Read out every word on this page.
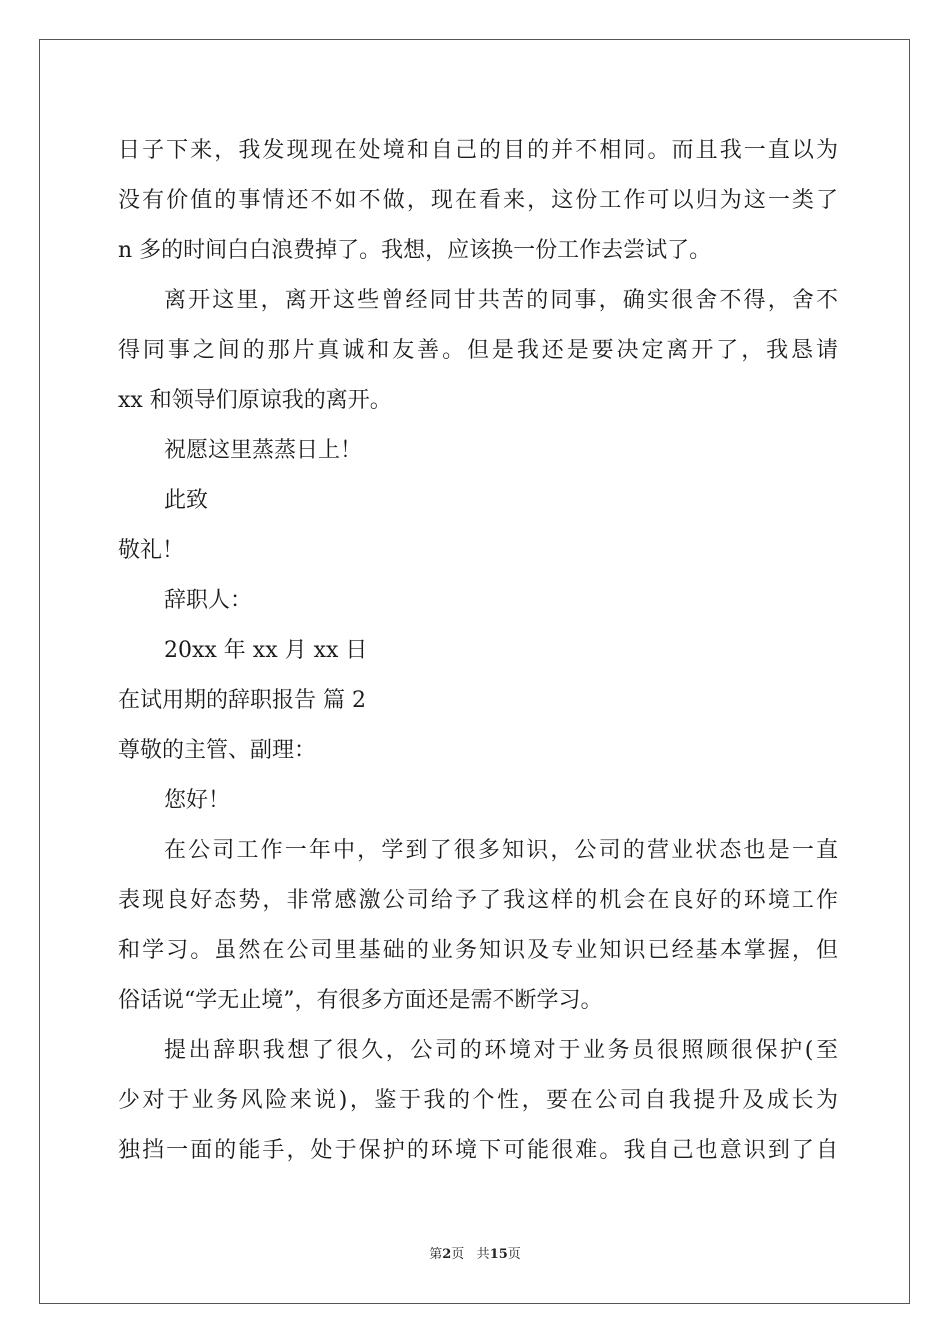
日子下来，我发现现在处境和自己的目的并不相同。而且我一直以为
没有价值的事情还不如不做，现在看来，这份工作可以归为这一类了
n 多的时间白白浪费掉了。我想，应该换一份工作去尝试了。
离开这里，离开这些曾经同甘共苦的同事，确实很舍不得，舍不
得同事之间的那片真诚和友善。但是我还是要决定离开了，我恳请
xx 和领导们原谅我的离开。
祝愿这里蒸蒸日上！
此致
敬礼！
辞职人：
20xx 年 xx 月 xx 日
在试用期的辞职报告 篇 2
尊敬的主管、副理：
您好！
在公司工作一年中，学到了很多知识，公司的营业状态也是一直
表现良好态势，非常感激公司给予了我这样的机会在良好的环境工作
和学习。虽然在公司里基础的业务知识及专业知识已经基本掌握，但
俗话说“学无止境”，有很多方面还是需不断学习。
提出辞职我想了很久，公司的环境对于业务员很照顾很保护(至
少对于业务风险来说)，鉴于我的个性，要在公司自我提升及成长为
独挡一面的能手，处于保护的环境下可能很难。我自己也意识到了自
第2页 共15页
